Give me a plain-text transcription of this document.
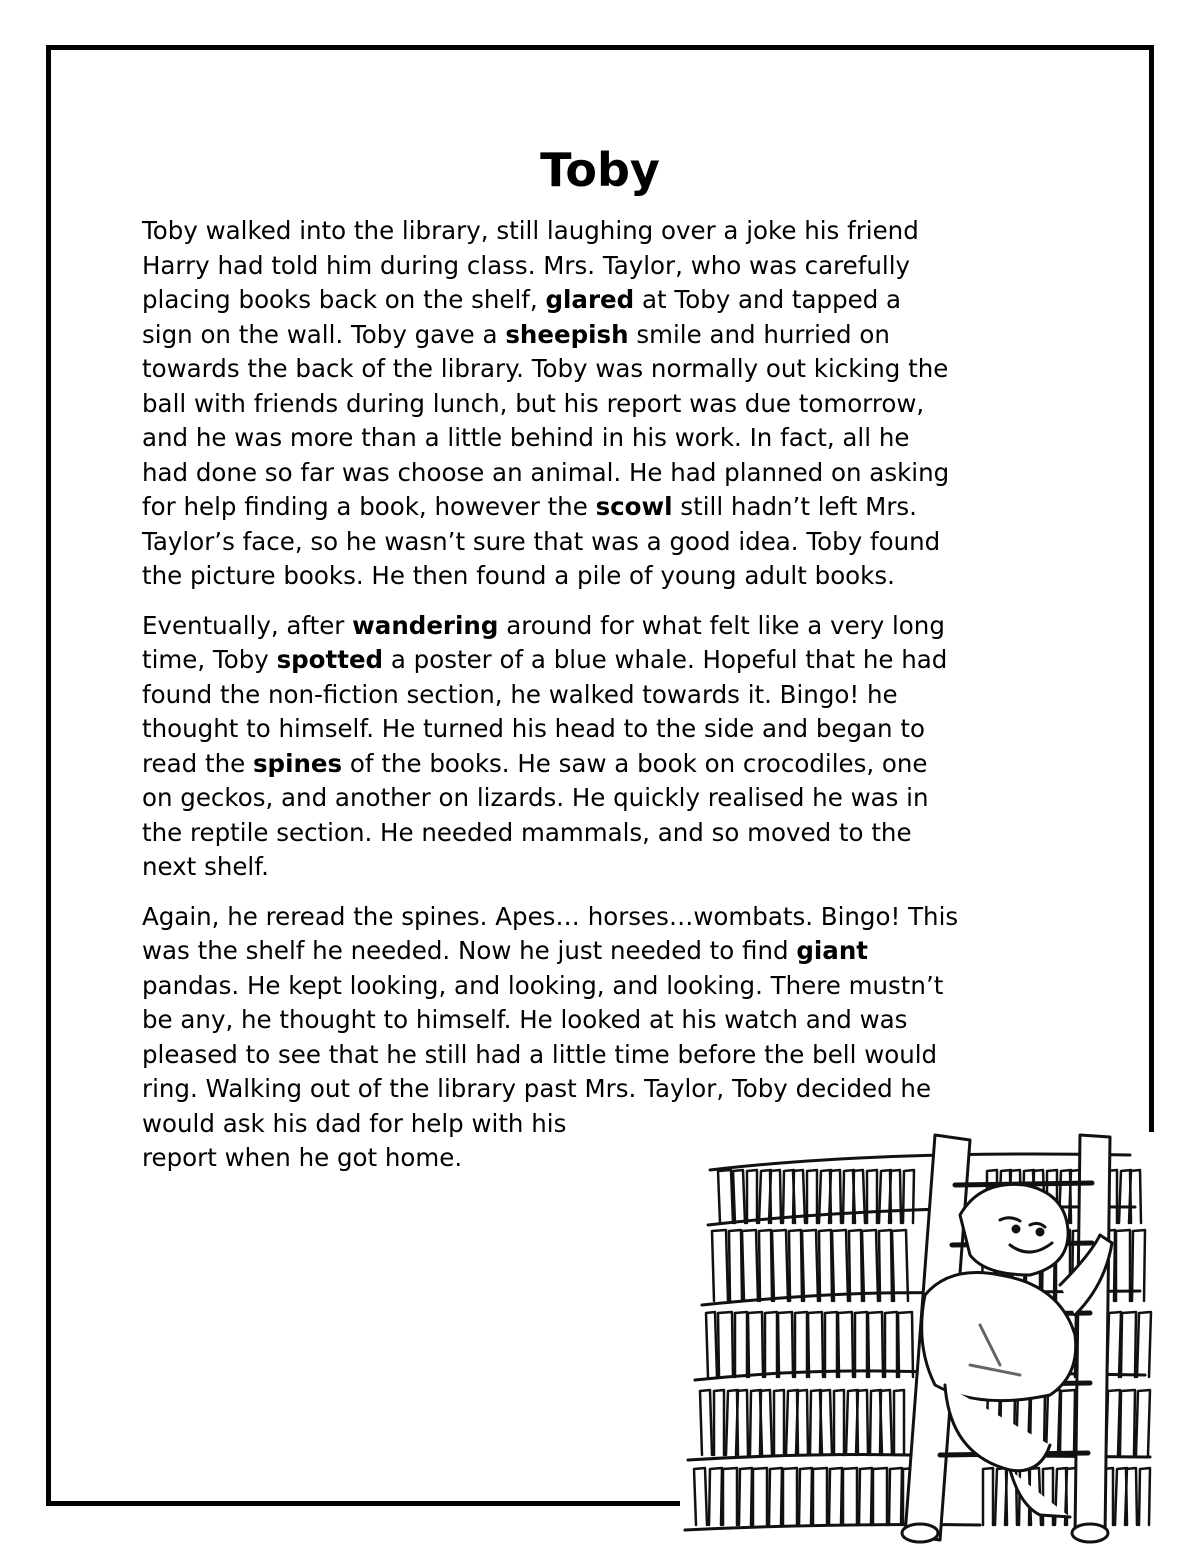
Toby

Toby walked into the library, still laughing over a joke his friend
Harry had told him during class. Mrs. Taylor, who was carefully
placing books back on the shelf, glared at Toby and tapped a
sign on the wall. Toby gave a sheepish smile and hurried on
towards the back of the library. Toby was normally out kicking the
ball with friends during lunch, but his report was due tomorrow,
and he was more than a little behind in his work. In fact, all he
had done so far was choose an animal. He had planned on asking
for help finding a book, however the scowl still hadn’t left Mrs.
Taylor’s face, so he wasn’t sure that was a good idea. Toby found
the picture books. He then found a pile of young adult books.

Eventually, after wandering around for what felt like a very long
time, Toby spotted a poster of a blue whale. Hopeful that he had
found the non-fiction section, he walked towards it. Bingo! he
thought to himself. He turned his head to the side and began to
read the spines of the books. He saw a book on crocodiles, one
on geckos, and another on lizards. He quickly realised he was in
the reptile section. He needed mammals, and so moved to the
next shelf.

Again, he reread the spines. Apes… horses…wombats. Bingo! This
was the shelf he needed. Now he just needed to find giant
pandas. He kept looking, and looking, and looking. There mustn’t
be any, he thought to himself. He looked at his watch and was
pleased to see that he still had a little time before the bell would
ring. Walking out of the library past Mrs. Taylor, Toby decided he
would ask his dad for help with his
report when he got home.
